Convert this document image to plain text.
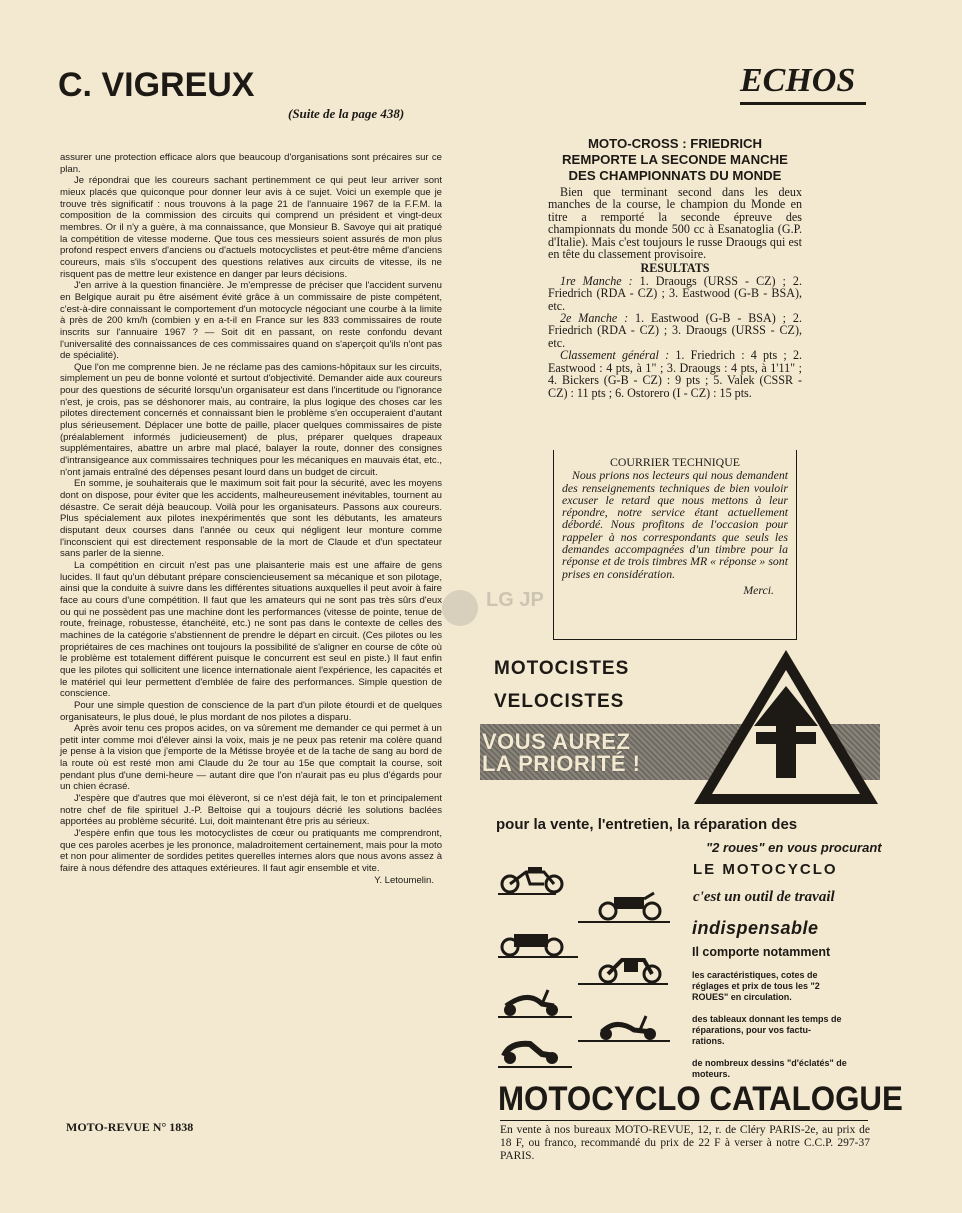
C. VIGREUX
(Suite de la page 438)
ECHOS

assurer une protection efficace alors que beaucoup d'organisations sont précaires sur ce plan.

Je répondrai que les coureurs sachant pertinemment ce qui peut leur arriver sont mieux placés que quiconque pour donner leur avis à ce sujet. Voici un exemple que je trouve très significatif : nous trouvons à la page 21 de l'annuaire 1967 de la F.F.M. la composition de la commission des circuits qui comprend un président et vingt-deux membres. Or il n'y a guère, à ma connaissance, que Monsieur B. Savoye qui ait pratiqué la compétition de vitesse moderne. Que tous ces messieurs soient assurés de mon plus profond respect envers d'anciens ou d'actuels motocyclistes et peut-être même d'anciens coureurs, mais s'ils s'occupent des questions relatives aux circuits de vitesse, ils ne risquent pas de mettre leur existence en danger par leurs décisions.

J'en arrive à la question financière. Je m'empresse de préciser que l'accident survenu en Belgique aurait pu être aisément évité grâce à un commissaire de piste compétent, c'est-à-dire connaissant le comportement d'un motocycle négociant une courbe à la limite à près de 200 km/h (combien y en a-t-il en France sur les 833 commissaires de route inscrits sur l'annuaire 1967 ? — Soit dit en passant, on reste confondu devant l'universalité des connaissances de ces commissaires quand on s'aperçoit qu'ils n'ont pas de spécialité).

Que l'on me comprenne bien. Je ne réclame pas des camions-hôpitaux sur les circuits, simplement un peu de bonne volonté et surtout d'objectivité. Demander aide aux coureurs pour des questions de sécurité lorsqu'un organisateur est dans l'incertitude ou l'ignorance n'est, je crois, pas se déshonorer mais, au contraire, la plus logique des choses car les pilotes directement concernés et connaissant bien le problème s'en occuperaient d'autant plus sérieusement. Déplacer une botte de paille, placer quelques commissaires de piste (préalablement informés judicieusement) de plus, préparer quelques drapeaux supplémentaires, abattre un arbre mal placé, balayer la route, donner des consignes d'intransigeance aux commissaires techniques pour les mécaniques en mauvais état, etc., n'ont jamais entraîné des dépenses pesant lourd dans un budget de circuit.

En somme, je souhaiterais que le maximum soit fait pour la sécurité, avec les moyens dont on dispose, pour éviter que les accidents, malheureusement inévitables, tournent au désastre. Ce serait déjà beaucoup. Voilà pour les organisateurs. Passons aux coureurs. Plus spécialement aux pilotes inexpérimentés que sont les débutants, les amateurs disputant deux courses dans l'année ou ceux qui négligent leur monture comme l'inconscient qui est directement responsable de la mort de Claude et d'un spectateur sans parler de la sienne.

La compétition en circuit n'est pas une plaisanterie mais est une affaire de gens lucides. Il faut qu'un débutant prépare consciencieusement sa mécanique et son pilotage, ainsi que la conduite à suivre dans les différentes situations auxquelles il peut avoir à faire face au cours d'une compétition. Il faut que les amateurs qui ne sont pas très sûrs d'eux ou qui ne possèdent pas une machine dont les performances (vitesse de pointe, tenue de route, freinage, robustesse, étanchéité, etc.) ne sont pas dans le contexte de celles des machines de la catégorie s'abstiennent de prendre le départ en circuit. (Ces pilotes ou les propriétaires de ces machines ont toujours la possibilité de s'aligner en course de côte où le problème est totalement différent puisque le concurrent est seul en piste.) Il faut enfin que les pilotes qui sollicitent une licence internationale aient l'expérience, les capacités et le matériel qui leur permettent d'emblée de faire des performances. Simple question de conscience.

Pour une simple question de conscience de la part d'un pilote étourdi et de quelques organisateurs, le plus doué, le plus mordant de nos pilotes a disparu.

Après avoir tenu ces propos acides, on va sûrement me demander ce qui permet à un petit inter comme moi d'élever ainsi la voix, mais je ne peux pas retenir ma colère quand je pense à la vision que j'emporte de la Métisse broyée et de la tache de sang au bord de la route où est resté mon ami Claude du 2e tour au 15e que comptait la course, soit pendant plus d'une demi-heure — autant dire que l'on n'aurait pas eu plus d'égards pour un chien écrasé.

J'espère que d'autres que moi élèveront, si ce n'est déjà fait, le ton et principalement notre chef de file spirituel J.-P. Beltoise qui a toujours décrié les solutions baclées apportées au problème sécurité. Lui, doit maintenant être pris au sérieux.

J'espère enfin que tous les motocyclistes de cœur ou pratiquants me comprendront, que ces paroles acerbes je les prononce, maladroitement certainement, mais pour la moto et non pour alimenter de sordides petites querelles internes alors que nous avons assez à faire à nous défendre des attaques extérieures. Il faut agir ensemble et vite.

Y. Letoumelin.

MOTO-REVUE N° 1838
MOTO-CROSS : FRIEDRICH
REMPORTE LA SECONDE MANCHE
DES CHAMPIONNATS DU MONDE

Bien que terminant second dans les deux manches de la course, le champion du Monde en titre a remporté la seconde épreuve des championnats du monde 500 cc à Esanatoglia (G.P. d'Italie). Mais c'est toujours le russe Draougs qui est en tête du classement provisoire.

RESULTATS

1re Manche : 1. Draougs (URSS - CZ) ; 2. Friedrich (RDA - CZ) ; 3. Eastwood (G-B - BSA), etc.

2e Manche : 1. Eastwood (G-B - BSA) ; 2. Friedrich (RDA - CZ) ; 3. Draougs (URSS - CZ), etc.

Classement général : 1. Friedrich : 4 pts ; 2. Eastwood : 4 pts, à 1" ; 3. Draougs : 4 pts, à 1'11" ; 4. Bickers (G-B - CZ) : 9 pts ; 5. Valek (CSSR - CZ) : 11 pts ; 6. Ostorero (I - CZ) : 15 pts.

COURRIER TECHNIQUE

Nous prions nos lecteurs qui nous demandent des renseignements techniques de bien vouloir excuser le retard que nous mettons à leur répondre, notre service étant actuellement débordé. Nous profitons de l'occasion pour rappeler à nos correspondants que seuls les demandes accompagnées d'un timbre pour la réponse et de trois timbres MR « réponse » sont prises en considération.

Merci.

MOTOCISTES
VELOCISTES
VOUS AUREZ
LA PRIORITÉ !
pour la vente, l'entretien, la réparation des
"2 roues" en vous procurant
LE MOTOCYCLO
c'est un outil de travail
indispensable
Il comporte notamment
les caractéristiques, cotes de réglages et prix de tous les "2 ROUES" en circulation.
des tableaux donnant les temps de réparations, pour vos factu-rations.
de nombreux dessins "d'éclatés" de moteurs.
MOTOCYCLO CATALOGUE
En vente à nos bureaux MOTO-REVUE, 12, r. de Cléry PARIS-2e, au prix de 18 F, ou franco, recommandé du prix de 22 F à verser à notre C.C.P. 297-37 PARIS.
LG JP
